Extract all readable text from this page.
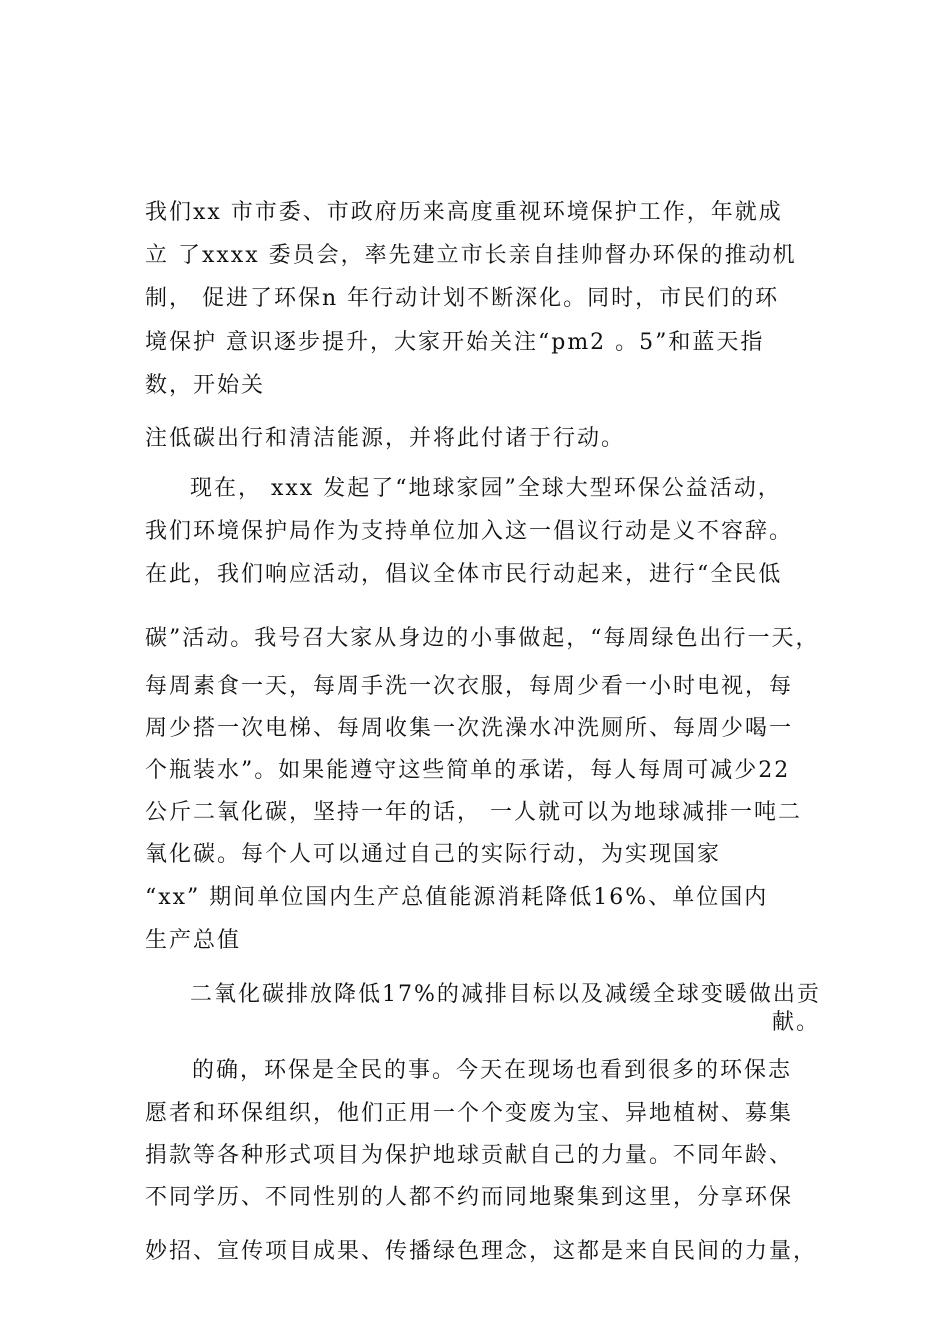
我们xx 市市委、市政府历来高度重视环境保护工作，年就成
立 了xxxx 委员会，率先建立市长亲自挂帅督办环保的推动机
制， 促进了环保n 年行动计划不断深化。同时，市民们的环
境保护 意识逐步提升，大家开始关注“pm2 。5”和蓝天指
数，开始关
注低碳出行和清洁能源，并将此付诸于行动。
现在， xxx 发起了“地球家园”全球大型环保公益活动，
我们环境保护局作为支持单位加入这一倡议行动是义不容辞。
在此，我们响应活动，倡议全体市民行动起来，进行“全民低
碳”活动。我号召大家从身边的小事做起，“每周绿色出行一天，
每周素食一天，每周手洗一次衣服，每周少看一小时电视，每
周少搭一次电梯、每周收集一次洗澡水冲洗厕所、每周少喝一
个瓶装水”。如果能遵守这些简单的承诺，每人每周可减少22
公斤二氧化碳，坚持一年的话， 一人就可以为地球减排一吨二
氧化碳。每个人可以通过自己的实际行动，为实现国家
“xx” 期间单位国内生产总值能源消耗降低16%、单位国内
生产总值
二氧化碳排放降低17%的减排目标以及减缓全球变暖做出贡
献。
的确，环保是全民的事。今天在现场也看到很多的环保志
愿者和环保组织，他们正用一个个变废为宝、异地植树、募集
捐款等各种形式项目为保护地球贡献自己的力量。不同年龄、
不同学历、不同性别的人都不约而同地聚集到这里，分享环保
妙招、宣传项目成果、传播绿色理念，这都是来自民间的力量，
